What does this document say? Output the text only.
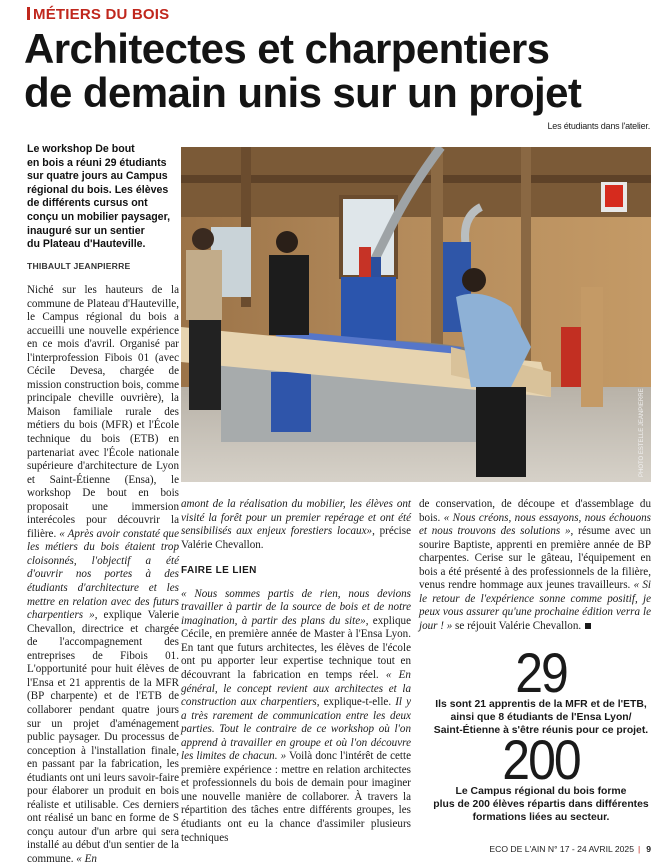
MÉTIERS DU BOIS
Architectes et charpentiers
de demain unis sur un projet
Les étudiants dans l'atelier.
Le workshop De bout
en bois a réuni 29 étudiants
sur quatre jours au Campus
régional du bois. Les élèves
de différents cursus ont
conçu un mobilier paysager,
inauguré sur un sentier
du Plateau d'Hauteville.
THIBAULT JEANPIERRE

Niché sur les hauteurs de la commune de Plateau d'Hauteville, le Campus régional du bois a accueilli une nouvelle expérience en ce mois d'avril. Organisé par l'interprofession Fibois 01 (avec Cécile Devesa, chargée de mission construction bois, comme principale cheville ouvrière), la Maison familiale rurale des métiers du bois (MFR) et l'École technique du bois (ETB) en partenariat avec l'École nationale supérieure d'architecture de Lyon et Saint-Étienne (Ensa), le workshop De bout en bois proposait une immersion interécoles pour découvrir la filière. « Après avoir constaté que les métiers du bois étaient trop cloisonnés, l'objectif a été d'ouvrir nos portes à des étudiants d'architecture et les mettre en relation avec des futurs charpentiers », explique Valerie Chevallon, directrice et chargée de l'accompagnement des entreprises de Fibois 01. L'opportunité pour huit élèves de l'Ensa et 21 apprentis de la MFR (BP charpente) et de l'ETB de collaborer pendant quatre jours sur un projet d'aménagement public paysager. Du processus de conception à l'installation finale, en passant par la fabrication, les étudiants ont uni leurs savoir-faire pour élaborer un produit en bois réaliste et utilisable. Ces derniers ont réalisé un banc en forme de S conçu autour d'un arbre qui sera installé au début d'un sentier de la commune. « En

PHOTO ESTELLE JEANPIERRE

amont de la réalisation du mobilier, les élèves ont visité la forêt pour un premier repérage et ont été sensibilisés aux enjeux forestiers locaux», précise Valérie Chevallon.

FAIRE LE LIEN

« Nous sommes partis de rien, nous devions travailler à partir de la source de bois et de notre imagination, à partir des plans du site», explique Cécile, en première année de Master à l'Ensa Lyon. En tant que futurs architectes, les élèves de l'école ont pu apporter leur expertise technique tout en découvrant la fabrication en temps réel. « En général, le concept revient aux architectes et la construction aux charpentiers, explique-t-elle. Il y a très rarement de communication entre les deux parties. Tout le contraire de ce workshop où l'on apprend à travailler en groupe et où l'on découvre les limites de chacun. » Voilà donc l'intérêt de cette première expérience : mettre en relation architectes et professionnels du bois de demain pour imaginer une nouvelle manière de collaborer. À travers la répartition des tâches entre différents groupes, les étudiants ont eu la chance d'assimiler plusieurs techniques

de conservation, de découpe et d'assemblage du bois. « Nous créons, nous essayons, nous échouons et nous trouvons des solutions », résume avec un sourire Baptiste, apprenti en première année de BP charpentes. Cerise sur le gâteau, l'équipement en bois a été présenté à des professionnels de la filière, venus rendre hommage aux jeunes travailleurs. « Si le retour de l'expérience sonne comme positif, je peux vous assurer qu'une prochaine édition verra le jour ! » se réjouit Valérie Chevallon.

29
Ils sont 21 apprentis de la MFR et de l'ETB,
ainsi que 8 étudiants de l'Ensa Lyon/
Saint-Étienne à s'être réunis pour ce projet.
200
Le Campus régional du bois forme
plus de 200 élèves répartis dans différentes
formations liées au secteur.
ECO DE L'AIN N° 17 - 24 AVRIL 2025 | 9
